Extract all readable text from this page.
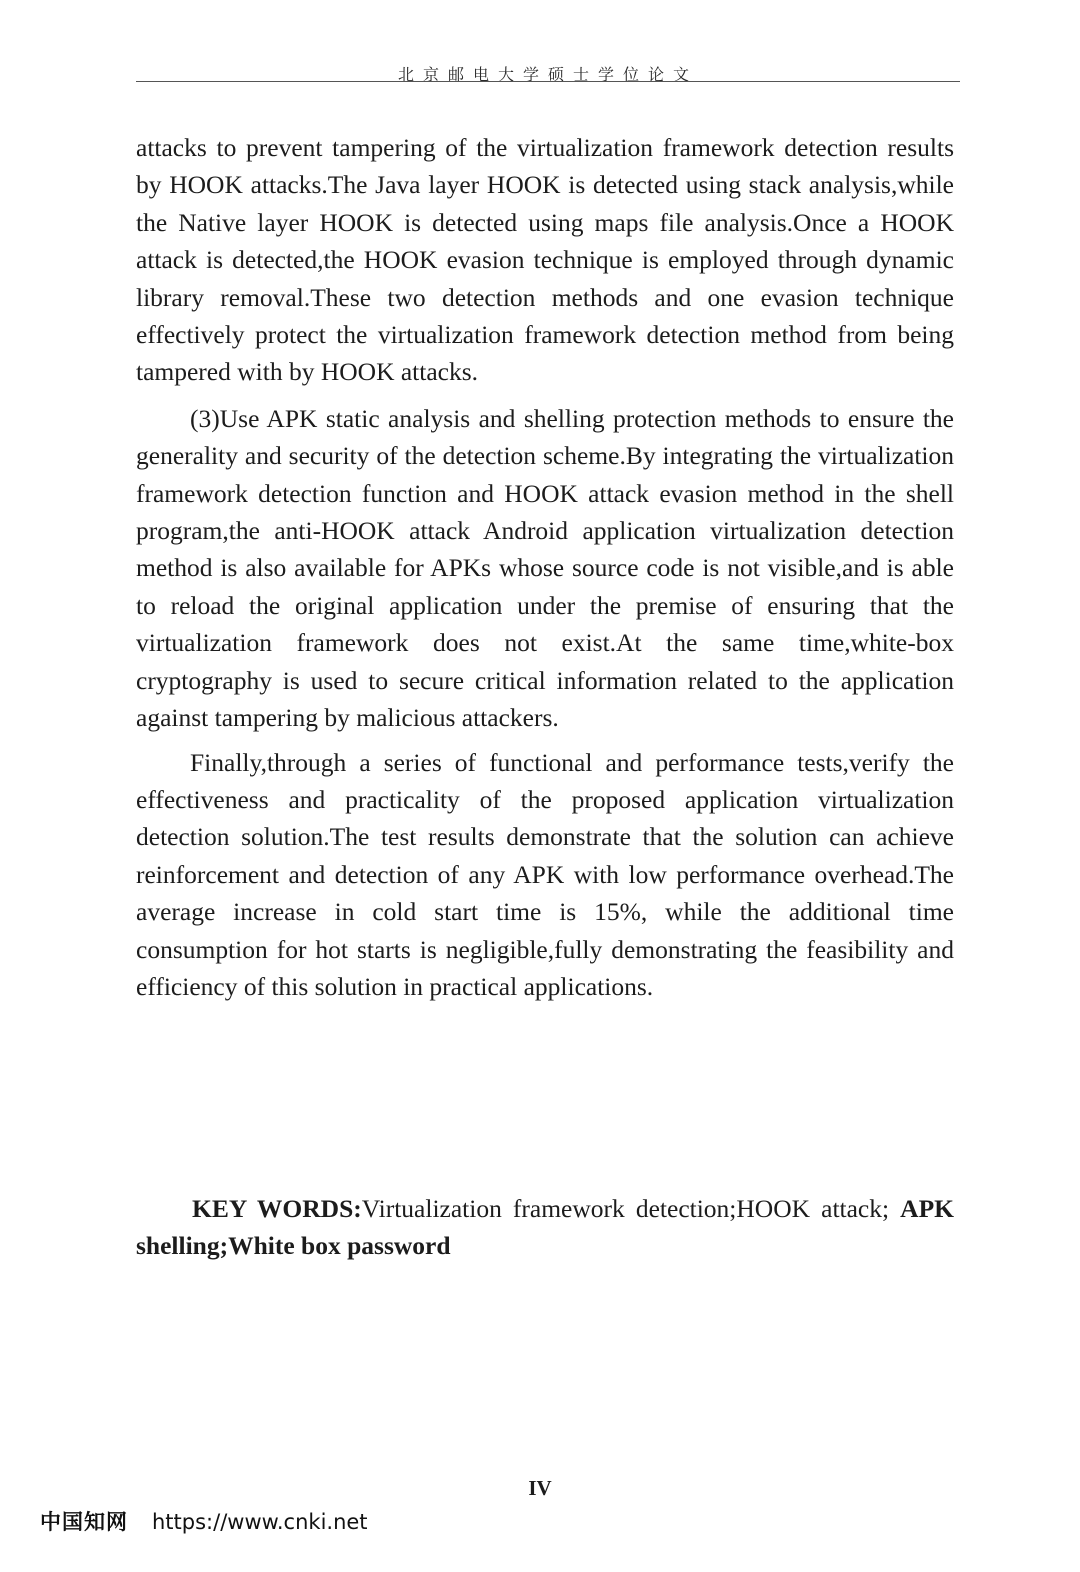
北京邮电大学硕士学位论文

attacks to prevent tampering of the virtualization framework detection results by HOOK attacks.The Java layer HOOK is detected using stack analysis,while the Native layer HOOK is detected using maps file analysis.Once a HOOK attack is detected,the HOOK evasion technique is employed through dynamic library removal.These two detection methods and one evasion technique effectively protect the virtualization framework detection method from being tampered with by HOOK attacks.

(3)Use APK static analysis and shelling protection methods to ensure the generality and security of the detection scheme.By integrating the virtualization framework detection function and HOOK attack evasion method in the shell program,the anti-HOOK attack Android application virtualization detection method is also available for APKs whose source code is not visible,and is able to reload the original application under the premise of ensuring that the virtualization framework does not exist.At the same time,white-box cryptography is used to secure critical information related to the application against tampering by malicious attackers.

Finally,through a series of functional and performance tests,verify the effectiveness and practicality of the proposed application virtualization detection solution.The test results demonstrate that the solution can achieve reinforcement and detection of any APK with low performance overhead.The average increase in cold start time is 15%, while the additional time consumption for hot starts is negligible,fully demonstrating the feasibility and efficiency of this solution in practical applications.

KEY WORDS:Virtualization framework detection;HOOK attack; APK shelling;White box password
IV
中国知网 https://www.cnki.net
